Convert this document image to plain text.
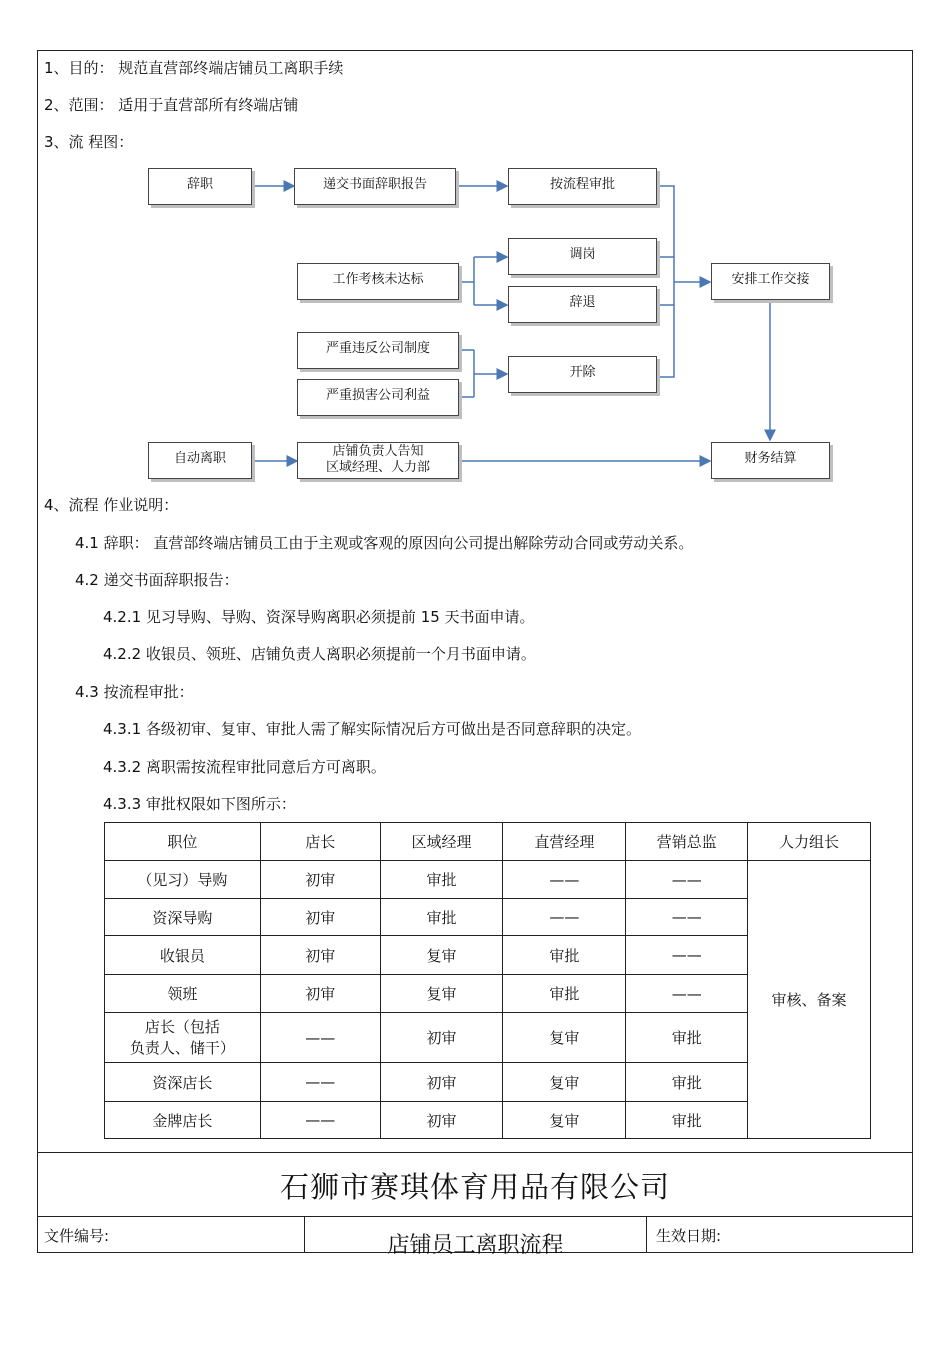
1、目的： 规范直营部终端店铺员工离职手续
2、范围： 适用于直营部所有终端店铺
3、流 程图：
辞职	递交书面辞职报告	按流程审批
工作考核未达标
调岗
辞退
严重违反公司制度
严重损害公司利益
开除
安排工作交接
自动离职	店铺负责人告知
区域经理、人力部
财务结算
4、流程 作业说明：
4.1 辞职： 直营部终端店铺员工由于主观或客观的原因向公司提出解除劳动合同或劳动关系。
4.2 递交书面辞职报告：
4.2.1 见习导购、导购、资深导购离职必须提前 15 天书面申请。
4.2.2 收银员、领班、店铺负责人离职必须提前一个月书面申请。
4.3 按流程审批：
4.3.1 各级初审、复审、审批人需了解实际情况后方可做出是否同意辞职的决定。
4.3.2 离职需按流程审批同意后方可离职。
4.3.3 审批权限如下图所示：
职位	店长	区域经理	直营经理	营销总监	人力组长
（见习）导购	初审	审批	——	——	审核、备案
资深导购	初审	审批	——	——	
收银员	初审	复审	审批	——	
领班	初审	复审	审批	——	

店长（包括
负责人、储干）	——	初审	复审	审批	
资深店长	——	初审	复审	审批	
金牌店长	——	初审	复审	审批	
石狮市赛琪体育用品有限公司
文件编号:	店铺员工离职流程	生效日期:
